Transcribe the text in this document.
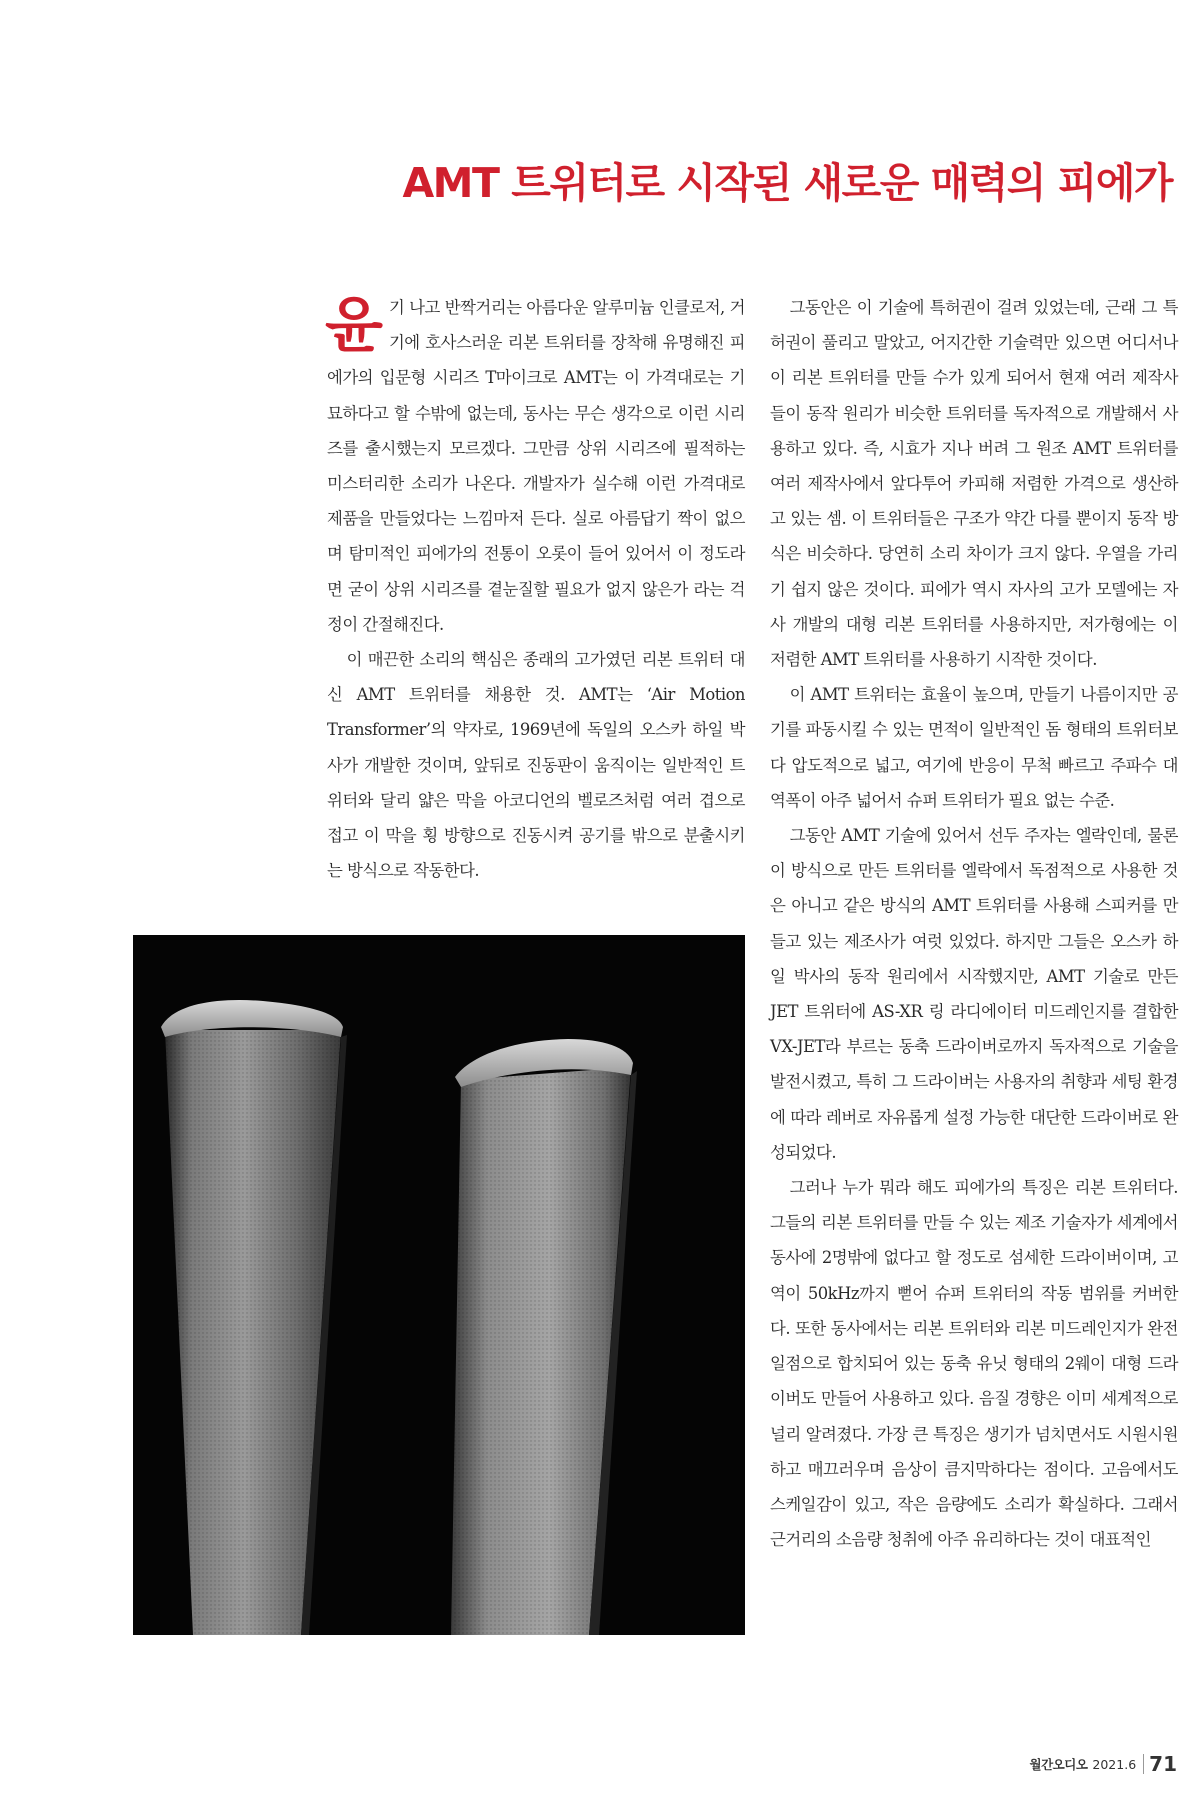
AMT 트위터로 시작된 새로운 매력의 피에가

윤기 나고 반짝거리는 아름다운 알루미늄 인클로저, 거기에 호사스러운 리본 트위터를 장착해 유명해진 피에가의 입문형 시리즈 T마이크로 AMT는 이 가격대로는 기묘하다고 할 수밖에 없는데, 동사는 무슨 생각으로 이런 시리즈를 출시했는지 모르겠다. 그만큼 상위 시리즈에 필적하는 미스터리한 소리가 나온다. 개발자가 실수해 이런 가격대로 제품을 만들었다는 느낌마저 든다. 실로 아름답기 짝이 없으며 탐미적인 피에가의 전통이 오롯이 들어 있어서 이 정도라면 굳이 상위 시리즈를 곁눈질할 필요가 없지 않은가 라는 걱정이 간절해진다.

이 매끈한 소리의 핵심은 종래의 고가였던 리본 트위터 대신 AMT 트위터를 채용한 것. AMT는 ‘Air Motion Transformer’의 약자로, 1969년에 독일의 오스카 하일 박사가 개발한 것이며, 앞뒤로 진동판이 움직이는 일반적인 트위터와 달리 얇은 막을 아코디언의 벨로즈처럼 여러 겹으로 접고 이 막을 횡 방향으로 진동시켜 공기를 밖으로 분출시키는 방식으로 작동한다.

그동안은 이 기술에 특허권이 걸려 있었는데, 근래 그 특허권이 풀리고 말았고, 어지간한 기술력만 있으면 어디서나 이 리본 트위터를 만들 수가 있게 되어서 현재 여러 제작사들이 동작 원리가 비슷한 트위터를 독자적으로 개발해서 사용하고 있다. 즉, 시효가 지나 버려 그 원조 AMT 트위터를 여러 제작사에서 앞다투어 카피해 저렴한 가격으로 생산하고 있는 셈. 이 트위터들은 구조가 약간 다를 뿐이지 동작 방식은 비슷하다. 당연히 소리 차이가 크지 않다. 우열을 가리기 쉽지 않은 것이다. 피에가 역시 자사의 고가 모델에는 자사 개발의 대형 리본 트위터를 사용하지만, 저가형에는 이 저렴한 AMT 트위터를 사용하기 시작한 것이다.

이 AMT 트위터는 효율이 높으며, 만들기 나름이지만 공기를 파동시킬 수 있는 면적이 일반적인 돔 형태의 트위터보다 압도적으로 넓고, 여기에 반응이 무척 빠르고 주파수 대역폭이 아주 넓어서 슈퍼 트위터가 필요 없는 수준.

그동안 AMT 기술에 있어서 선두 주자는 엘락인데, 물론 이 방식으로 만든 트위터를 엘락에서 독점적으로 사용한 것은 아니고 같은 방식의 AMT 트위터를 사용해 스피커를 만들고 있는 제조사가 여럿 있었다. 하지만 그들은 오스카 하일 박사의 동작 원리에서 시작했지만, AMT 기술로 만든 JET 트위터에 AS-XR 링 라디에이터 미드레인지를 결합한 VX-JET라 부르는 동축 드라이버로까지 독자적으로 기술을 발전시켰고, 특히 그 드라이버는 사용자의 취향과 세팅 환경에 따라 레버로 자유롭게 설정 가능한 대단한 드라이버로 완성되었다.

그러나 누가 뭐라 해도 피에가의 특징은 리본 트위터다. 그들의 리본 트위터를 만들 수 있는 제조 기술자가 세계에서 동사에 2명밖에 없다고 할 정도로 섬세한 드라이버이며, 고역이 50kHz까지 뻗어 슈퍼 트위터의 작동 범위를 커버한다. 또한 동사에서는 리본 트위터와 리본 미드레인지가 완전 일점으로 합치되어 있는 동축 유닛 형태의 2웨이 대형 드라이버도 만들어 사용하고 있다. 음질 경향은 이미 세계적으로 널리 알려졌다. 가장 큰 특징은 생기가 넘치면서도 시원시원하고 매끄러우며 음상이 큼지막하다는 점이다. 고음에서도 스케일감이 있고, 작은 음량에도 소리가 확실하다. 그래서 근거리의 소음량 청취에 아주 유리하다는 것이 대표적인

월간오디오 2021.6 71
